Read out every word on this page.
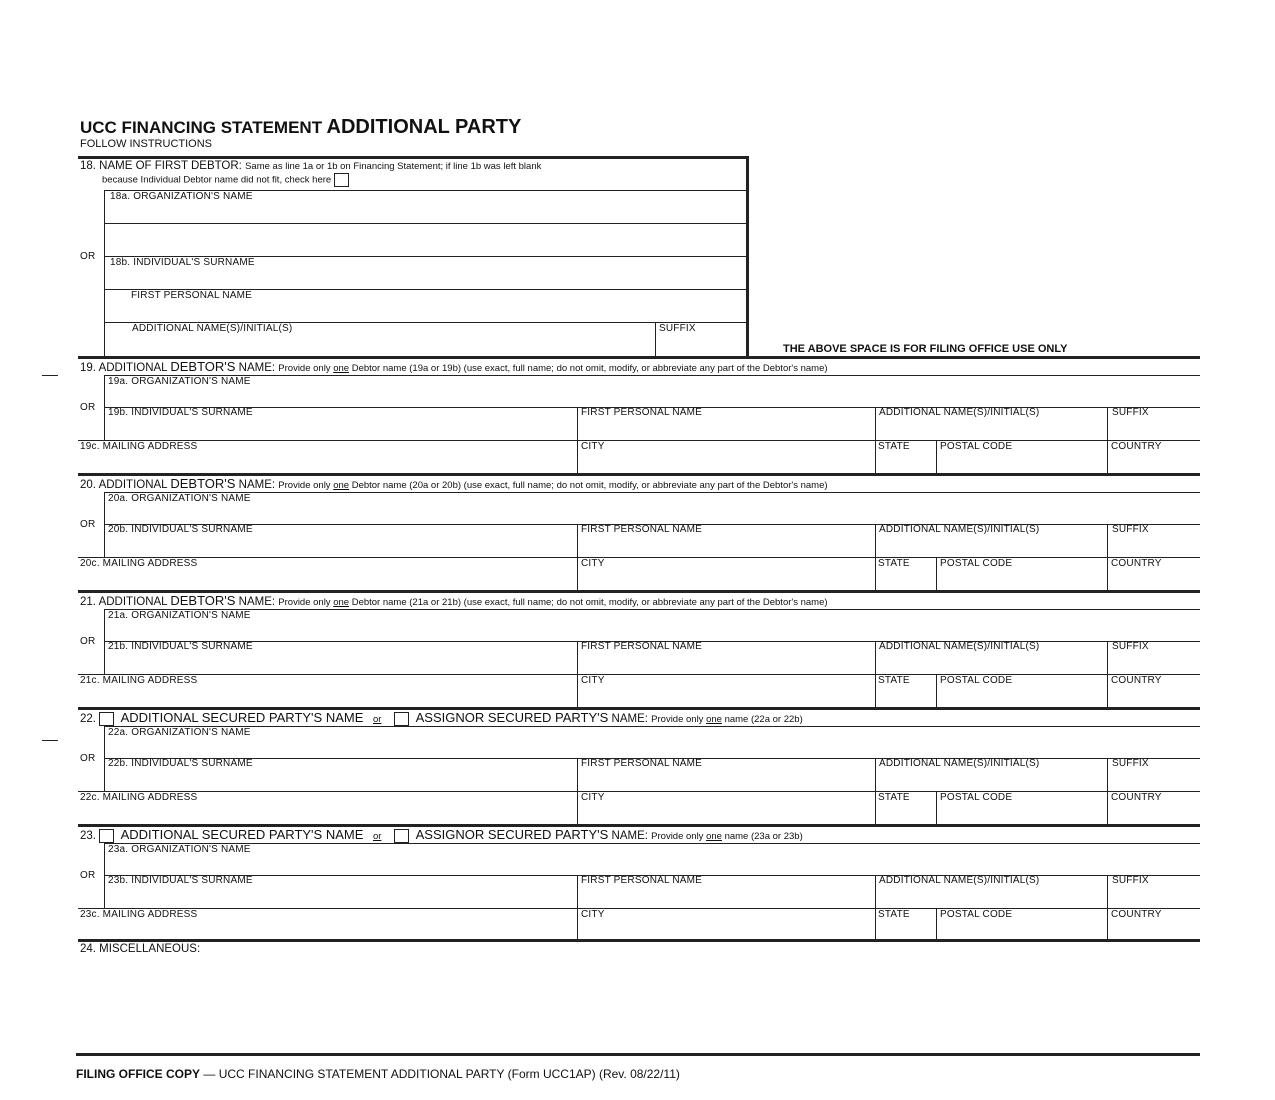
UCC FINANCING STATEMENT ADDITIONAL PARTY
FOLLOW INSTRUCTIONS
18. NAME OF FIRST DEBTOR: Same as line 1a or 1b on Financing Statement; if line 1b was left blank
because Individual Debtor name did not fit, check here
18a. ORGANIZATION'S NAME
OR
18b. INDIVIDUAL'S SURNAME
FIRST PERSONAL NAME
ADDITIONAL NAME(S)/INITIAL(S)	SUFFIX
THE ABOVE SPACE IS FOR FILING OFFICE USE ONLY
19. ADDITIONAL DEBTOR'S NAME: Provide only one Debtor name (19a or 19b) (use exact, full name; do not omit, modify, or abbreviate any part of the Debtor's name)
19a. ORGANIZATION'S NAME
OR 19b. INDIVIDUAL'S SURNAME	FIRST PERSONAL NAME	ADDITIONAL NAME(S)/INITIAL(S)	SUFFIX
19c. MAILING ADDRESS	CITY	STATE	POSTAL CODE	COUNTRY
20. ADDITIONAL DEBTOR'S NAME: Provide only one Debtor name (20a or 20b) (use exact, full name; do not omit, modify, or abbreviate any part of the Debtor's name)
20a. ORGANIZATION'S NAME
OR 20b. INDIVIDUAL'S SURNAME	FIRST PERSONAL NAME	ADDITIONAL NAME(S)/INITIAL(S)	SUFFIX
20c. MAILING ADDRESS	CITY	STATE	POSTAL CODE	COUNTRY
21. ADDITIONAL DEBTOR'S NAME: Provide only one Debtor name (21a or 21b) (use exact, full name; do not omit, modify, or abbreviate any part of the Debtor's name)
21a. ORGANIZATION'S NAME
OR 21b. INDIVIDUAL'S SURNAME	FIRST PERSONAL NAME	ADDITIONAL NAME(S)/INITIAL(S)	SUFFIX
21c. MAILING ADDRESS	CITY	STATE	POSTAL CODE	COUNTRY
22. ADDITIONAL SECURED PARTY'S NAME or	ASSIGNOR SECURED PARTY'S NAME: Provide only one name (22a or 22b)
22a. ORGANIZATION'S NAME
OR 22b. INDIVIDUAL'S SURNAME	FIRST PERSONAL NAME	ADDITIONAL NAME(S)/INITIAL(S)	SUFFIX
22c. MAILING ADDRESS	CITY	STATE	POSTAL CODE	COUNTRY
23. ADDITIONAL SECURED PARTY'S NAME or	ASSIGNOR SECURED PARTY'S NAME: Provide only one name (23a or 23b)
23a. ORGANIZATION'S NAME
OR 23b. INDIVIDUAL'S SURNAME	FIRST PERSONAL NAME	ADDITIONAL NAME(S)/INITIAL(S)	SUFFIX
23c. MAILING ADDRESS	CITY	STATE	POSTAL CODE	COUNTRY
24. MISCELLANEOUS:
FILING OFFICE COPY — UCC FINANCING STATEMENT ADDITIONAL PARTY (Form UCC1AP) (Rev. 08/22/11)
